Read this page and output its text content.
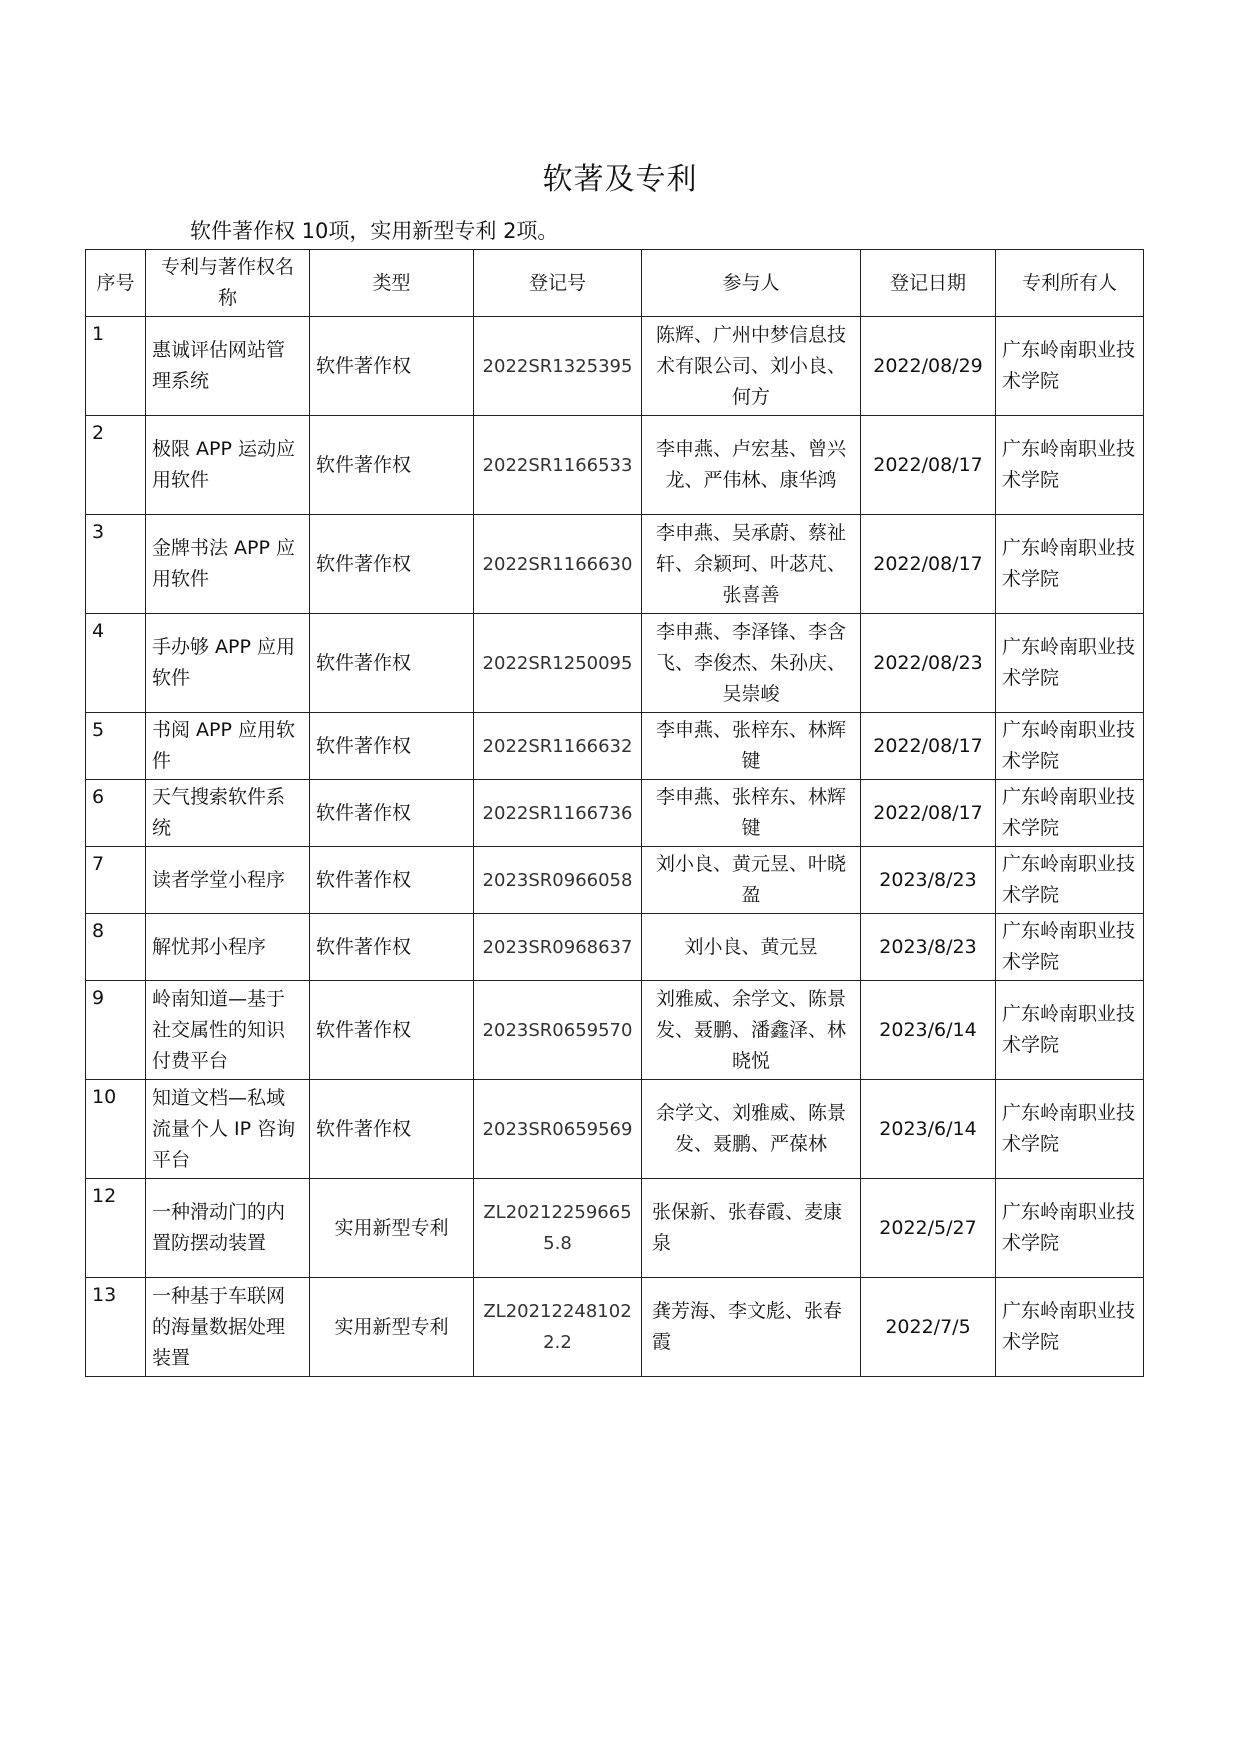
软著及专利
软件著作权 10项，实用新型专利 2项。
序号	专利与著作权名称	类型	登记号	参与人	登记日期	专利所有人
1	惠诚评估网站管理系统	软件著作权	2022SR1325395	陈辉、广州中梦信息技术有限公司、刘小良、何方	2022/08/29	广东岭南职业技术学院
2	极限 APP 运动应用软件	软件著作权	2022SR1166533	李申燕、卢宏基、曾兴龙、严伟林、康华鸿	2022/08/17	广东岭南职业技术学院
3	金牌书法 APP 应用软件	软件著作权	2022SR1166630	李申燕、吴承蔚、蔡祉轩、余颖珂、叶苾芃、张喜善	2022/08/17	广东岭南职业技术学院
4	手办够 APP 应用软件	软件著作权	2022SR1250095	李申燕、李泽锋、李含飞、李俊杰、朱孙庆、吴崇峻	2022/08/23	广东岭南职业技术学院
5	书阅 APP 应用软件	软件著作权	2022SR1166632	李申燕、张梓东、林辉键	2022/08/17	广东岭南职业技术学院
6	天气搜索软件系统	软件著作权	2022SR1166736	李申燕、张梓东、林辉键	2022/08/17	广东岭南职业技术学院
7	读者学堂小程序	软件著作权	2023SR0966058	刘小良、黄元昱、叶晓盈	2023/8/23	广东岭南职业技术学院
8	解忧邦小程序	软件著作权	2023SR0968637	刘小良、黄元昱	2023/8/23	广东岭南职业技术学院
9	岭南知道—基于社交属性的知识付费平台	软件著作权	2023SR0659570	刘雅威、余学文、陈景发、聂鹏、潘鑫泽、林晓悦	2023/6/14	广东岭南职业技术学院
10	知道文档—私域流量个人 IP 咨询平台	软件著作权	2023SR0659569	余学文、刘雅威、陈景发、聂鹏、严葆林	2023/6/14	广东岭南职业技术学院
12	一种滑动门的内置防摆动装置	实用新型专利	ZL202122596655.8	张保新、张春霞、麦康泉	2022/5/27	广东岭南职业技术学院
13	一种基于车联网的海量数据处理装置	实用新型专利	ZL202122481022.2	龚芳海、李文彪、张春霞	2022/7/5	广东岭南职业技术学院
